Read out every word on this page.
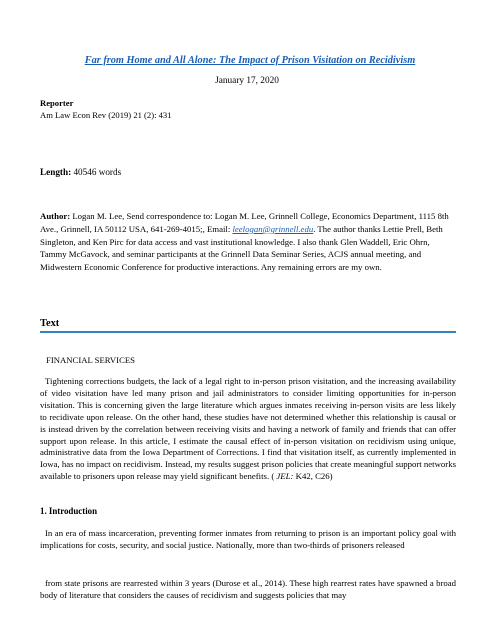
Far from Home and All Alone: The Impact of Prison Visitation on Recidivism
January 17, 2020
Reporter
Am Law Econ Rev (2019) 21 (2): 431
Length: 40546 words
Author: Logan M. Lee, Send correspondence to: Logan M. Lee, Grinnell College, Economics Department, 1115 8th Ave., Grinnell, IA 50112 USA, 641-269-4015;, Email: leelogan@grinnell.edu. The author thanks Lettie Prell, Beth Singleton, and Ken Pirc for data access and vast institutional knowledge. I also thank Glen Waddell, Eric Ohrn, Tammy McGavock, and seminar participants at the Grinnell Data Seminar Series, ACJS annual meeting, and Midwestern Economic Conference for productive interactions. Any remaining errors are my own.
Text
FINANCIAL SERVICES

Tightening corrections budgets, the lack of a legal right to in-person prison visitation, and the increasing availability of video visitation have led many prison and jail administrators to consider limiting opportunities for in-person visitation. This is concerning given the large literature which argues inmates receiving in-person visits are less likely to recidivate upon release. On the other hand, these studies have not determined whether this relationship is causal or is instead driven by the correlation between receiving visits and having a network of family and friends that can offer support upon release. In this article, I estimate the causal effect of in-person visitation on recidivism using unique, administrative data from the Iowa Department of Corrections. I find that visitation itself, as currently implemented in Iowa, has no impact on recidivism. Instead, my results suggest prison policies that create meaningful support networks available to prisoners upon release may yield significant benefits. ( JEL: K42, C26)

1. Introduction

In an era of mass incarceration, preventing former inmates from returning to prison is an important policy goal with implications for costs, security, and social justice. Nationally, more than two-thirds of prisoners released

from state prisons are rearrested within 3 years (Durose et al., 2014). These high rearrest rates have spawned a broad body of literature that considers the causes of recidivism and suggests policies that may
